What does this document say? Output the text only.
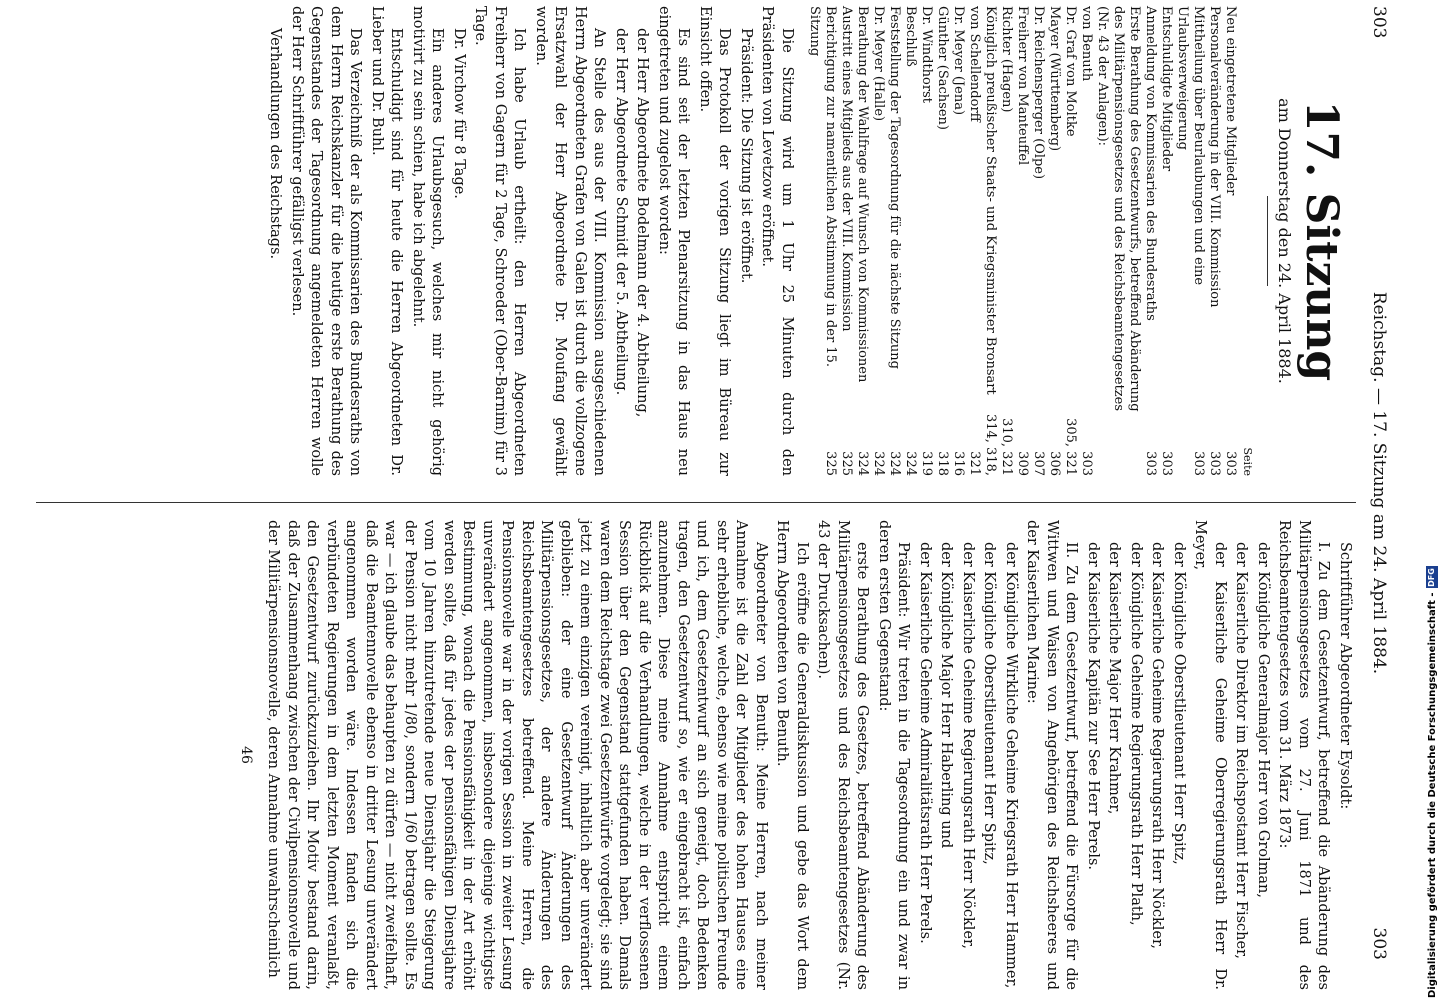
303
Reichstag. — 17. Sitzung am 24. April 1884.
303
17. Sitzung
am Donnerstag den 24. April 1884.
Seite
Neu eingetretene Mitglieder
303
Personalveränderung in der VIII. Kommission
303
Mittheilung über Beurlaubungen und eine Urlaubsverweigerung
303
Entschuldigte Mitglieder
303
Anmeldung von Kommissarien des Bundesraths
303
Erste Berathung des Gesetzentwurfs, betreffend Abänderung des Militärpensionsgesetzes und des Reichsbeamtengesetzes (Nr. 43 der Anlagen):
von Benuth
303
Dr. Graf von Moltke
305, 321
Mayer (Württemberg)
306
Dr. Reichensperger (Olpe)
307
Freiherr von Manteuffel
309
Richter (Hagen)
310, 321
Königlich preußischer Staats- und Kriegsminister Bronsart von Schellendorff
314, 318, 321
Dr. Meyer (Jena)
316
Günther (Sachsen)
318
Dr. Windthorst
319
Beschluß
324
Feststellung der Tagesordnung für die nächste Sitzung
324
Dr. Meyer (Halle)
324
Berathung der Wahlfrage auf Wunsch von Kommissionen
324
Austritt eines Mitglieds aus der VIII. Kommission
325
Berichtigung zur namentlichen Abstimmung in der 15. Sitzung
325

Die Sitzung wird um 1 Uhr 25 Minuten durch den Präsidenten von Levetzow eröffnet.

Präsident: Die Sitzung ist eröffnet.

Das Protokoll der vorigen Sitzung liegt im Büreau zur Einsicht offen.

Es sind seit der letzten Plenarsitzung in das Haus neu eingetreten und zugelost worden:

der Herr Abgeordnete Bodelmann der 4. Abtheilung,

der Herr Abgeordnete Schmidt der 5. Abtheilung.

An Stelle des aus der VIII. Kommission ausgeschiedenen Herrn Abgeordneten Grafen von Galen ist durch die vollzogene Ersatzwahl der Herr Abgeordnete Dr. Moufang gewählt worden.

Ich habe Urlaub ertheilt: den Herren Abgeordneten Freiherr von Gagern für 2 Tage, Schroeder (Ober-Barnim) für 3 Tage.

Dr. Virchow für 8 Tage.

Ein anderes Urlaubsgesuch, welches mir nicht gehörig motivirt zu sein schien, habe ich abgelehnt.

Entschuldigt sind für heute die Herren Abgeordneten Dr. Lieber und Dr. Buhl.

Das Verzeichniß der als Kommissarien des Bundesraths von dem Herrn Reichskanzler für die heutige erste Berathung des Gegenstandes der Tagesordnung angemeldeten Herren wolle der Herr Schriftführer gefälligst verlesen.

Verhandlungen des Reichstags.

Schriftführer Abgeordneter Eysoldt:

I. Zu dem Gesetzentwurf, betreffend die Abänderung des Militärpensionsgesetzes vom 27. Juni 1871 und des Reichsbeamtengesetzes vom 31. März 1873:

der Königliche Generalmajor Herr von Grolman,

der Kaiserliche Direktor im Reichspostamt Herr Fischer,

der Kaiserliche Geheime Oberregierungsrath Herr Dr. Meyer,

der Königliche Oberstlieutenant Herr Spitz,

der Kaiserliche Geheime Regierungsrath Herr Nöckler,

der Königliche Geheime Regierungsrath Herr Plath,

der Kaiserliche Major Herr Krahmer,

der Kaiserliche Kapitän zur See Herr Perels.

II. Zu dem Gesetzentwurf, betreffend die Fürsorge für die Wittwen und Waisen von Angehörigen des Reichsheeres und der Kaiserlichen Marine:

der Königliche Wirkliche Geheime Kriegsrath Herr Hammer,

der Königliche Oberstlieutenant Herr Spitz,

der Kaiserliche Geheime Regierungsrath Herr Nöckler,

der Königliche Major Herr Haberling und

der Kaiserliche Geheime Admiralitätsrath Herr Perels.

Präsident: Wir treten in die Tagesordnung ein und zwar in deren ersten Gegenstand:

erste Berathung des Gesetzes, betreffend Abänderung des Militärpensionsgesetzes und des Reichsbeamtengesetzes (Nr. 43 der Drucksachen).

Ich eröffne die Generaldiskussion und gebe das Wort dem Herrn Abgeordneten von Benuth.

Abgeordneter von Benuth: Meine Herren, nach meiner Annahme ist die Zahl der Mitglieder des hohen Hauses eine sehr erhebliche, welche, ebenso wie meine politischen Freunde und ich, dem Gesetzentwurf an sich geneigt, doch Bedenken tragen, den Gesetzentwurf so, wie er eingebracht ist, einfach anzunehmen. Diese meine Annahme entspricht einem Rückblick auf die Verhandlungen, welche in der verflossenen Session über den Gegenstand stattgefunden haben. Damals waren dem Reichstage zwei Gesetzentwürfe vorgelegt; sie sind jetzt zu einem einzigen vereinigt, inhaltlich aber unverändert geblieben: der eine Gesetzentwurf Änderungen des Militärpensionsgesetzes, der andere Änderungen des Reichsbeamtengesetzes betreffend. Meine Herren, die Pensionsnovelle war in der vorigen Session in zweiter Lesung unverändert angenommen, insbesondere diejenige wichtigste Bestimmung, wonach die Pensionsfähigkeit in der Art erhöht werden sollte, daß für jedes der pensionsfähigen Dienstjahre vom 10 Jahren hinzutretende neue Dienstjahr die Steigerung der Pension nicht mehr 1/80, sondern 1/60 betragen sollte. Es war — ich glaube das behaupten zu dürfen — nicht zweifelhaft, daß die Beamtennovelle ebenso in dritter Lesung unverändert angenommen worden wäre. Indessen fanden sich die verbündeten Regierungen in dem letzten Moment veranlaßt, den Gesetzentwurf zurückzuziehen. Ihr Motiv bestand darin, daß der Zusammenhang zwischen der Civilpensionsnovelle und der Militärpensionsnovelle, deren Annahme unwahrscheinlich

46	Digitalisierung gefördert durch die Deutsche Forschungsgemeinschaft -
DFG
